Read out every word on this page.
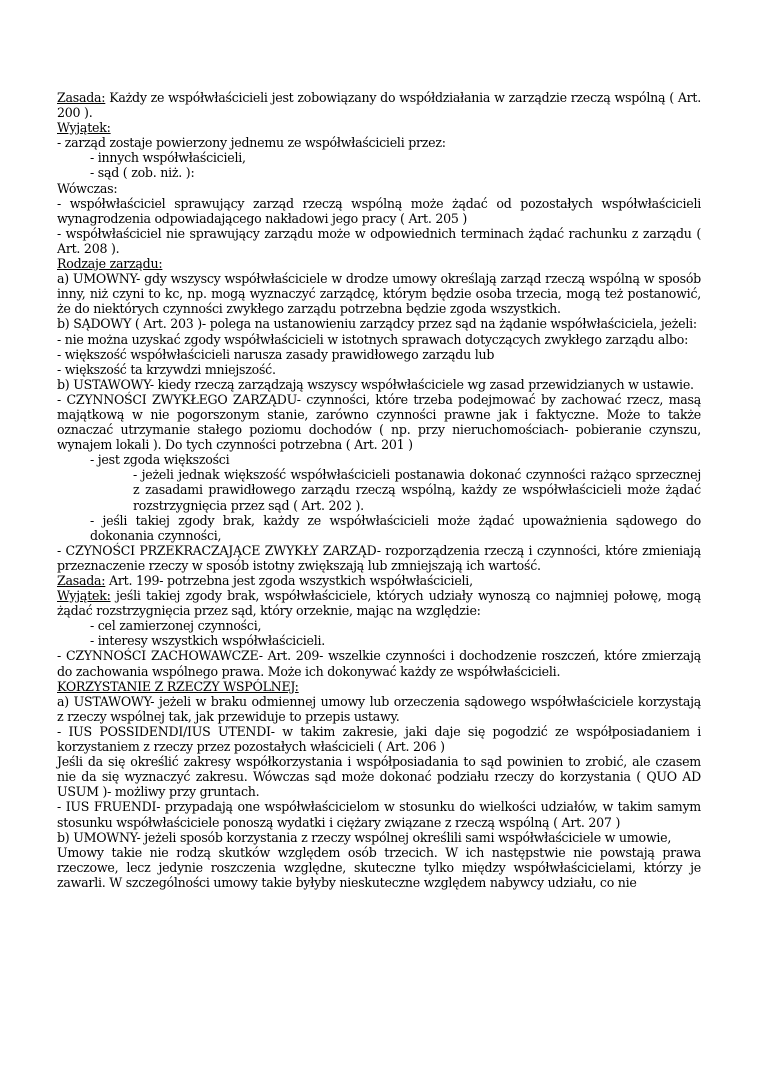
Zasada: Każdy ze współwłaścicieli jest zobowiązany do współdziałania w zarządzie rzeczą wspólną ( Art. 200 ).

Wyjątek:

- zarząd zostaje powierzony jednemu ze współwłaścicieli przez:

- innych współwłaścicieli,

- sąd ( zob. niż. ):

Wówczas:

- współwłaściciel sprawujący zarząd rzeczą wspólną może żądać od pozostałych współwłaścicieli wynagrodzenia odpowiadającego nakładowi jego pracy ( Art. 205 )

- współwłaściciel nie sprawujący zarządu może w odpowiednich terminach żądać rachunku z zarządu ( Art. 208 ).

Rodzaje zarządu:

a) UMOWNY- gdy wszyscy współwłaściciele w drodze umowy określają zarząd rzeczą wspólną w sposób inny, niż czyni to kc, np. mogą wyznaczyć zarządcę, którym będzie osoba trzecia, mogą też postanowić, że do niektórych czynności zwykłego zarządu potrzebna będzie zgoda wszystkich.

b) SĄDOWY ( Art. 203 )- polega na ustanowieniu zarządcy przez sąd na żądanie współwłaściciela, jeżeli:

- nie można uzyskać zgody współwłaścicieli w istotnych sprawach dotyczących zwykłego zarządu albo:

- większość współwłaścicieli narusza zasady prawidłowego zarządu lub

- większość ta krzywdzi mniejszość.

b) USTAWOWY- kiedy rzeczą zarządzają wszyscy współwłaściciele wg zasad przewidzianych w ustawie.

- CZYNNOŚCI ZWYKŁEGO ZARZĄDU- czynności, które trzeba podejmować by zachować rzecz, masą majątkową w nie pogorszonym stanie, zarówno czynności prawne jak i faktyczne. Może to także oznaczać utrzymanie stałego poziomu dochodów ( np. przy nieruchomościach- pobieranie czynszu, wynajem lokali ). Do tych czynności potrzebna ( Art. 201 )

- jest zgoda większości

- jeżeli jednak większość współwłaścicieli postanawia dokonać czynności rażąco sprzecznej z zasadami prawidłowego zarządu rzeczą wspólną, każdy ze współwłaścicieli może żądać rozstrzygnięcia przez sąd ( Art. 202 ).

- jeśli takiej zgody brak, każdy ze współwłaścicieli może żądać upoważnienia sądowego do dokonania czynności,

- CZYNOŚCI PRZEKRACZAJĄCE ZWYKŁY ZARZĄD- rozporządzenia rzeczą i czynności, które zmieniają przeznaczenie rzeczy w sposób istotny zwiększają lub zmniejszają ich wartość.

Zasada: Art. 199- potrzebna jest zgoda wszystkich współwłaścicieli,

Wyjątek: jeśli takiej zgody brak, współwłaściciele, których udziały wynoszą co najmniej połowę, mogą żądać rozstrzygnięcia przez sąd, który orzeknie, mając na względzie:

- cel zamierzonej czynności,

- interesy wszystkich współwłaścicieli.

- CZYNNOŚCI ZACHOWAWCZE- Art. 209- wszelkie czynności i dochodzenie roszczeń, które zmierzają do zachowania wspólnego prawa. Może ich dokonywać każdy ze współwłaścicieli.

KORZYSTANIE Z RZECZY WSPÓLNEJ:

a) USTAWOWY- jeżeli w braku odmiennej umowy lub orzeczenia sądowego współwłaściciele korzystają z rzeczy wspólnej tak, jak przewiduje to przepis ustawy.

- IUS POSSIDENDI/IUS UTENDI- w takim zakresie, jaki daje się pogodzić ze współposiadaniem i korzystaniem z rzeczy przez pozostałych właścicieli ( Art. 206 )

Jeśli da się określić zakresy współkorzystania i współposiadania to sąd powinien to zrobić, ale czasem nie da się wyznaczyć zakresu. Wówczas sąd może dokonać podziału rzeczy do korzystania ( QUO AD USUM )- możliwy przy gruntach.

- IUS FRUENDI- przypadają one współwłaścicielom w stosunku do wielkości udziałów, w takim samym stosunku współwłaściciele ponoszą wydatki i ciężary związane z rzeczą wspólną ( Art. 207 )

b) UMOWNY- jeżeli sposób korzystania z rzeczy wspólnej określili sami współwłaściciele w umowie,

Umowy takie nie rodzą skutków względem osób trzecich. W ich następstwie nie powstają prawa rzeczowe, lecz jedynie roszczenia względne, skuteczne tylko między współwłaścicielami, którzy je zawarli. W szczególności umowy takie byłyby nieskuteczne względem nabywcy udziału, co nie
